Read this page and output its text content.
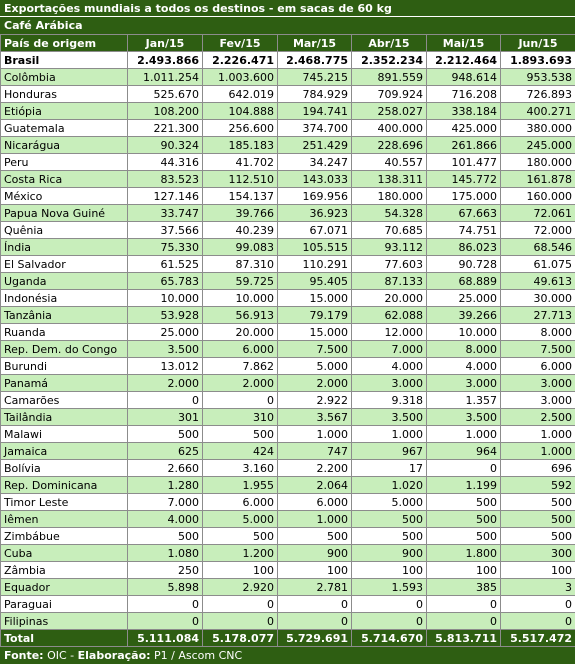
Exportações mundiais a todos os destinos - em sacas de 60 kg
Café Arábica
País de origem	Jan/15	Fev/15	Mar/15	Abr/15	Mai/15	Jun/15
Brasil	2.493.866	2.226.471	2.468.775	2.352.234	2.212.464	1.893.693
Colômbia	1.011.254	1.003.600	745.215	891.559	948.614	953.538
Honduras	525.670	642.019	784.929	709.924	716.208	726.893
Etiópia	108.200	104.888	194.741	258.027	338.184	400.271
Guatemala	221.300	256.600	374.700	400.000	425.000	380.000
Nicarágua	90.324	185.183	251.429	228.696	261.866	245.000
Peru	44.316	41.702	34.247	40.557	101.477	180.000
Costa Rica	83.523	112.510	143.033	138.311	145.772	161.878
México	127.146	154.137	169.956	180.000	175.000	160.000
Papua Nova Guiné	33.747	39.766	36.923	54.328	67.663	72.061
Quênia	37.566	40.239	67.071	70.685	74.751	72.000
Índia	75.330	99.083	105.515	93.112	86.023	68.546
El Salvador	61.525	87.310	110.291	77.603	90.728	61.075
Uganda	65.783	59.725	95.405	87.133	68.889	49.613
Indonésia	10.000	10.000	15.000	20.000	25.000	30.000
Tanzânia	53.928	56.913	79.179	62.088	39.266	27.713
Ruanda	25.000	20.000	15.000	12.000	10.000	8.000
Rep. Dem. do Congo	3.500	6.000	7.500	7.000	8.000	7.500
Burundi	13.012	7.862	5.000	4.000	4.000	6.000
Panamá	2.000	2.000	2.000	3.000	3.000	3.000
Camarões	0	0	2.922	9.318	1.357	3.000
Tailândia	301	310	3.567	3.500	3.500	2.500
Malawi	500	500	1.000	1.000	1.000	1.000
Jamaica	625	424	747	967	964	1.000
Bolívia	2.660	3.160	2.200	17	0	696
Rep. Dominicana	1.280	1.955	2.064	1.020	1.199	592
Timor Leste	7.000	6.000	6.000	5.000	500	500
Iêmen	4.000	5.000	1.000	500	500	500
Zimbábue	500	500	500	500	500	500
Cuba	1.080	1.200	900	900	1.800	300
Zâmbia	250	100	100	100	100	100
Equador	5.898	2.920	2.781	1.593	385	3
Paraguai	0	0	0	0	0	0
Filipinas	0	0	0	0	0	0
Total	5.111.084	5.178.077	5.729.691	5.714.670	5.813.711	5.517.472
Fonte: OIC - Elaboração: P1 / Ascom CNC
